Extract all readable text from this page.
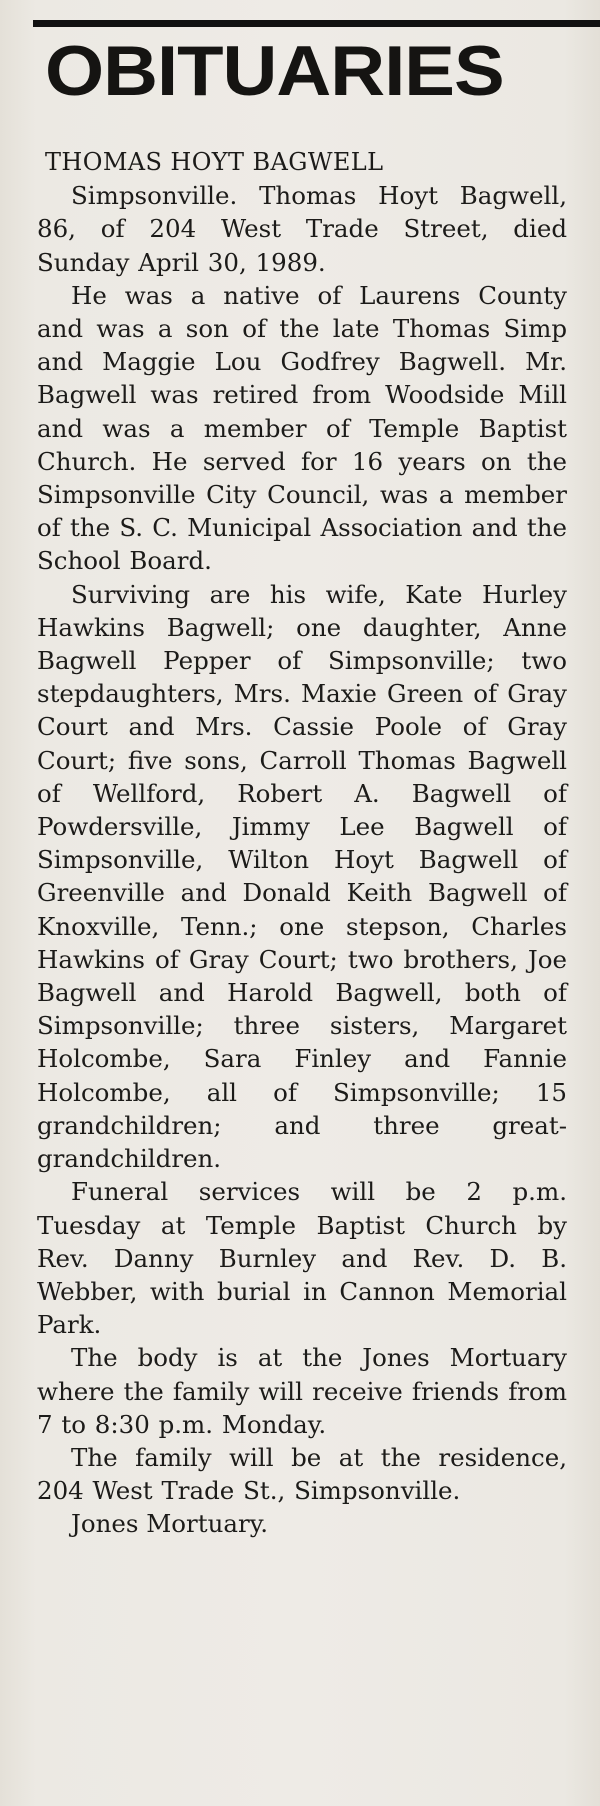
OBITUARIES

THOMAS HOYT BAGWELL

Simpsonville. Thomas Hoyt Bagwell, 86, of 204 West Trade Street, died Sunday April 30, 1989.

He was a native of Laurens County and was a son of the late Thomas Simp and Maggie Lou Godfrey Bagwell. Mr. Bagwell was retired from Woodside Mill and was a member of Temple Baptist Church. He served for 16 years on the Simpsonville City Council, was a member of the S. C. Municipal Association and the School Board.

Surviving are his wife, Kate Hurley Hawkins Bagwell; one daughter, Anne Bagwell Pepper of Simpsonville; two stepdaughters, Mrs. Maxie Green of Gray Court and Mrs. Cassie Poole of Gray Court; five sons, Carroll Thomas Bagwell of Wellford, Robert A. Bagwell of Powdersville, Jimmy Lee Bagwell of Simpsonville, Wilton Hoyt Bagwell of Greenville and Donald Keith Bagwell of Knoxville, Tenn.; one stepson, Charles Hawkins of Gray Court; two brothers, Joe Bagwell and Harold Bagwell, both of Simpsonville; three sisters, Margaret Holcombe, Sara Finley and Fannie Holcombe, all of Simpsonville; 15 grandchildren; and three great-grandchildren.

Funeral services will be 2 p.m. Tuesday at Temple Baptist Church by Rev. Danny Burnley and Rev. D. B. Webber, with burial in Cannon Memorial Park.

The body is at the Jones Mortuary where the family will receive friends from 7 to 8:30 p.m. Monday.

The family will be at the residence, 204 West Trade St., Simpsonville.

Jones Mortuary.
